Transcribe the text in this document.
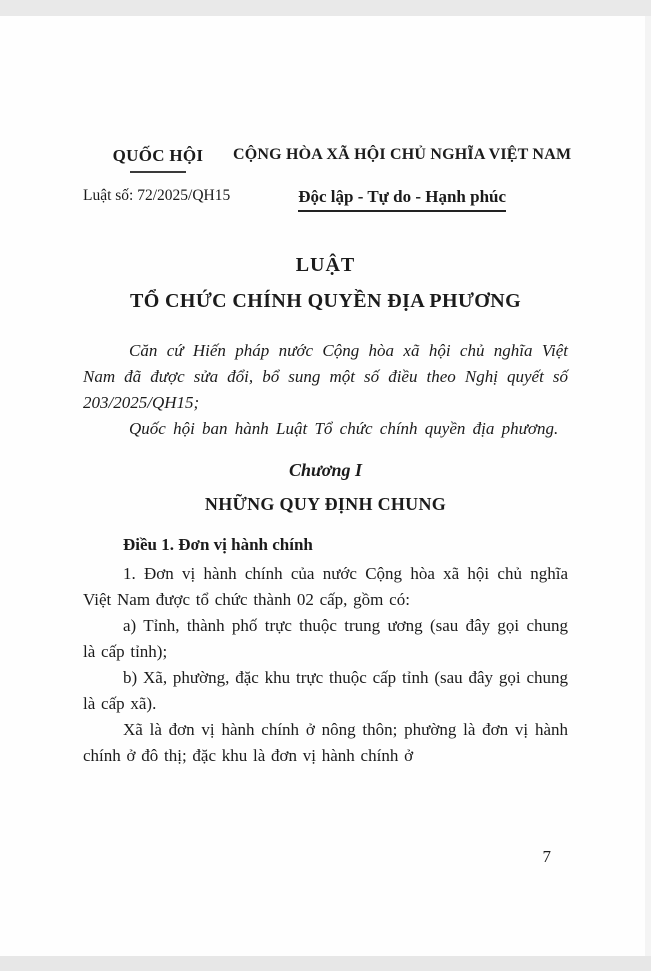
QUỐC HỘI
Luật số: 72/2025/QH15
CỘNG HÒA XÃ HỘI CHỦ NGHĨA VIỆT NAM

Độc lập - Tự do - Hạnh phúc
LUẬT
TỔ CHỨC CHÍNH QUYỀN ĐỊA PHƯƠNG

Căn cứ Hiến pháp nước Cộng hòa xã hội chủ nghĩa Việt Nam đã được sửa đổi, bổ sung một số điều theo Nghị quyết số 203/2025/QH15;

Quốc hội ban hành Luật Tổ chức chính quyền địa phương.

Chương I
NHỮNG QUY ĐỊNH CHUNG
Điều 1. Đơn vị hành chính

1. Đơn vị hành chính của nước Cộng hòa xã hội chủ nghĩa Việt Nam được tổ chức thành 02 cấp, gồm có:

a) Tỉnh, thành phố trực thuộc trung ương (sau đây gọi chung là cấp tỉnh);

b) Xã, phường, đặc khu trực thuộc cấp tỉnh (sau đây gọi chung là cấp xã).

Xã là đơn vị hành chính ở nông thôn; phường là đơn vị hành chính ở đô thị; đặc khu là đơn vị hành chính ở

7
